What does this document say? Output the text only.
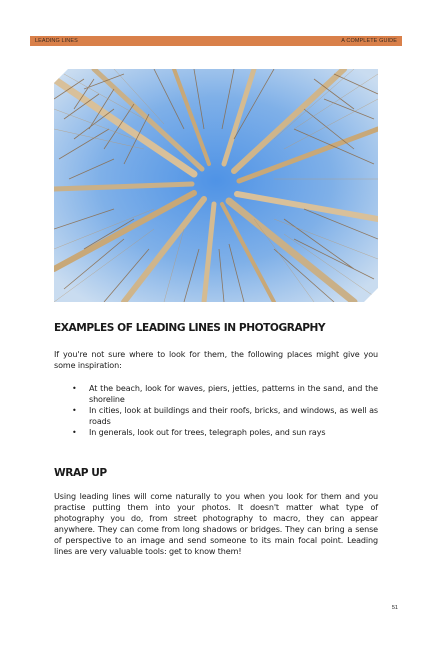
LEADING LINES	A COMPLETE GUIDE
EXAMPLES OF LEADING LINES IN PHOTOGRAPHY

If you're not sure where to look for them, the following places might give you some inspiration:

• At the beach, look for waves, piers, jetties, patterns in the sand, and the shoreline
• In cities, look at buildings and their roofs, bricks, and windows, as well as roads
• In generals, look out for trees, telegraph poles, and sun rays
WRAP UP

Using leading lines will come naturally to you when you look for them and you practise putting them into your photos. It doesn't matter what type of photography you do, from street photography to macro, they can appear anywhere. They can come from long shadows or bridges. They can bring a sense of perspective to an image and send someone to its main focal point. Leading lines are very valuable tools: get to know them!

51
